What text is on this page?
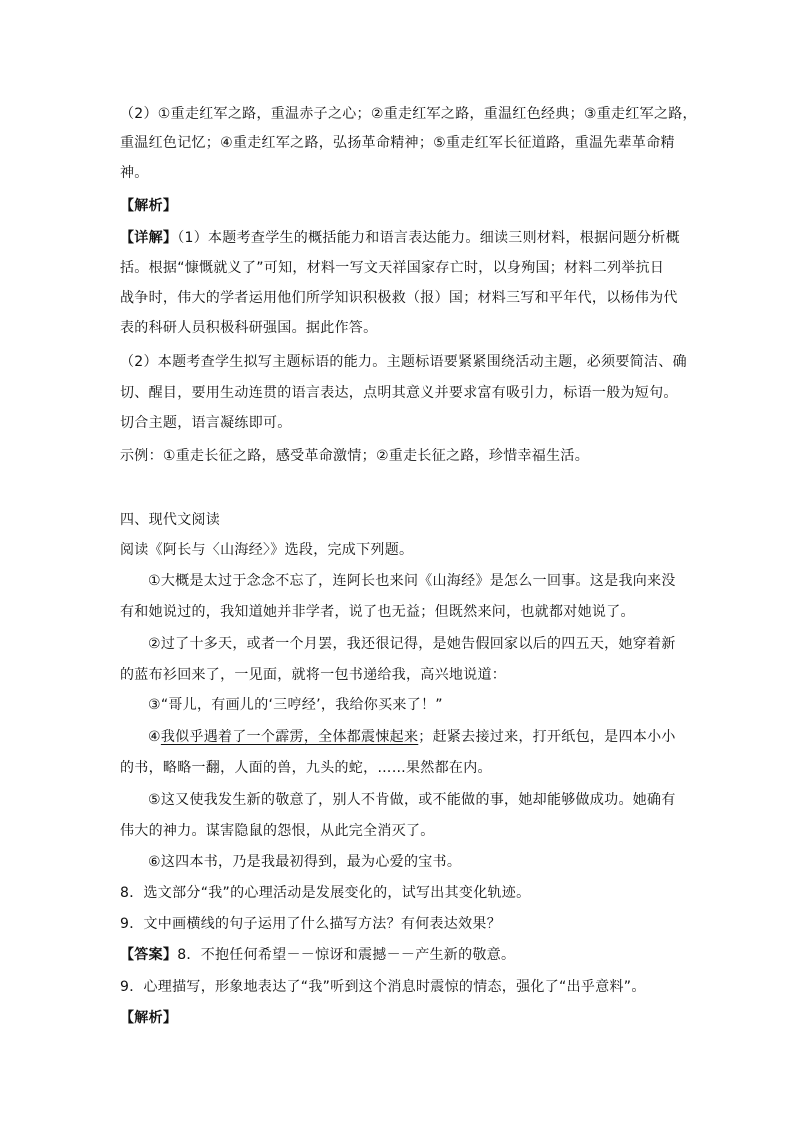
（2）①重走红军之路，重温赤子之心；②重走红军之路，重温红色经典；③重走红军之路，
重温红色记忆；④重走红军之路，弘扬革命精神；⑤重走红军长征道路，重温先辈革命精
神。
【解析】
【详解】（1）本题考查学生的概括能力和语言表达能力。细读三则材料，根据问题分析概
括。根据“慷慨就义了”可知，材料一写文天祥国家存亡时，以身殉国；材料二列举抗日
战争时，伟大的学者运用他们所学知识积极救（报）国；材料三写和平年代，以杨伟为代
表的科研人员积极科研强国。据此作答。
（2）本题考查学生拟写主题标语的能力。主题标语要紧紧围绕活动主题，必须要简洁、确
切、醒目，要用生动连贯的语言表达，点明其意义并要求富有吸引力，标语一般为短句。
切合主题，语言凝练即可。
示例：①重走长征之路，感受革命激情；②重走长征之路，珍惜幸福生活。
四、现代文阅读
阅读《阿长与〈山海经〉》选段，完成下列题。
①大概是太过于念念不忘了，连阿长也来问《山海经》是怎么一回事。这是我向来没
有和她说过的，我知道她并非学者，说了也无益；但既然来问，也就都对她说了。
②过了十多天，或者一个月罢，我还很记得，是她告假回家以后的四五天，她穿着新
的蓝布衫回来了，一见面，就将一包书递给我，高兴地说道：
③“哥儿，有画儿的‘三哼经’，我给你买来了！”
④我似乎遇着了一个霹雳，全体都震悚起来；赶紧去接过来，打开纸包，是四本小小
的书，略略一翻，人面的兽，九头的蛇，……果然都在内。
⑤这又使我发生新的敬意了，别人不肯做，或不能做的事，她却能够做成功。她确有
伟大的神力。谋害隐鼠的怨恨，从此完全消灭了。
⑥这四本书，乃是我最初得到，最为心爱的宝书。
8．选文部分“我”的心理活动是发展变化的，试写出其变化轨迹。
9．文中画横线的句子运用了什么描写方法？有何表达效果？
【答案】8．不抱任何希望－－惊讶和震撼－－产生新的敬意。
9．心理描写，形象地表达了“我”听到这个消息时震惊的情态，强化了“出乎意料”。
【解析】
